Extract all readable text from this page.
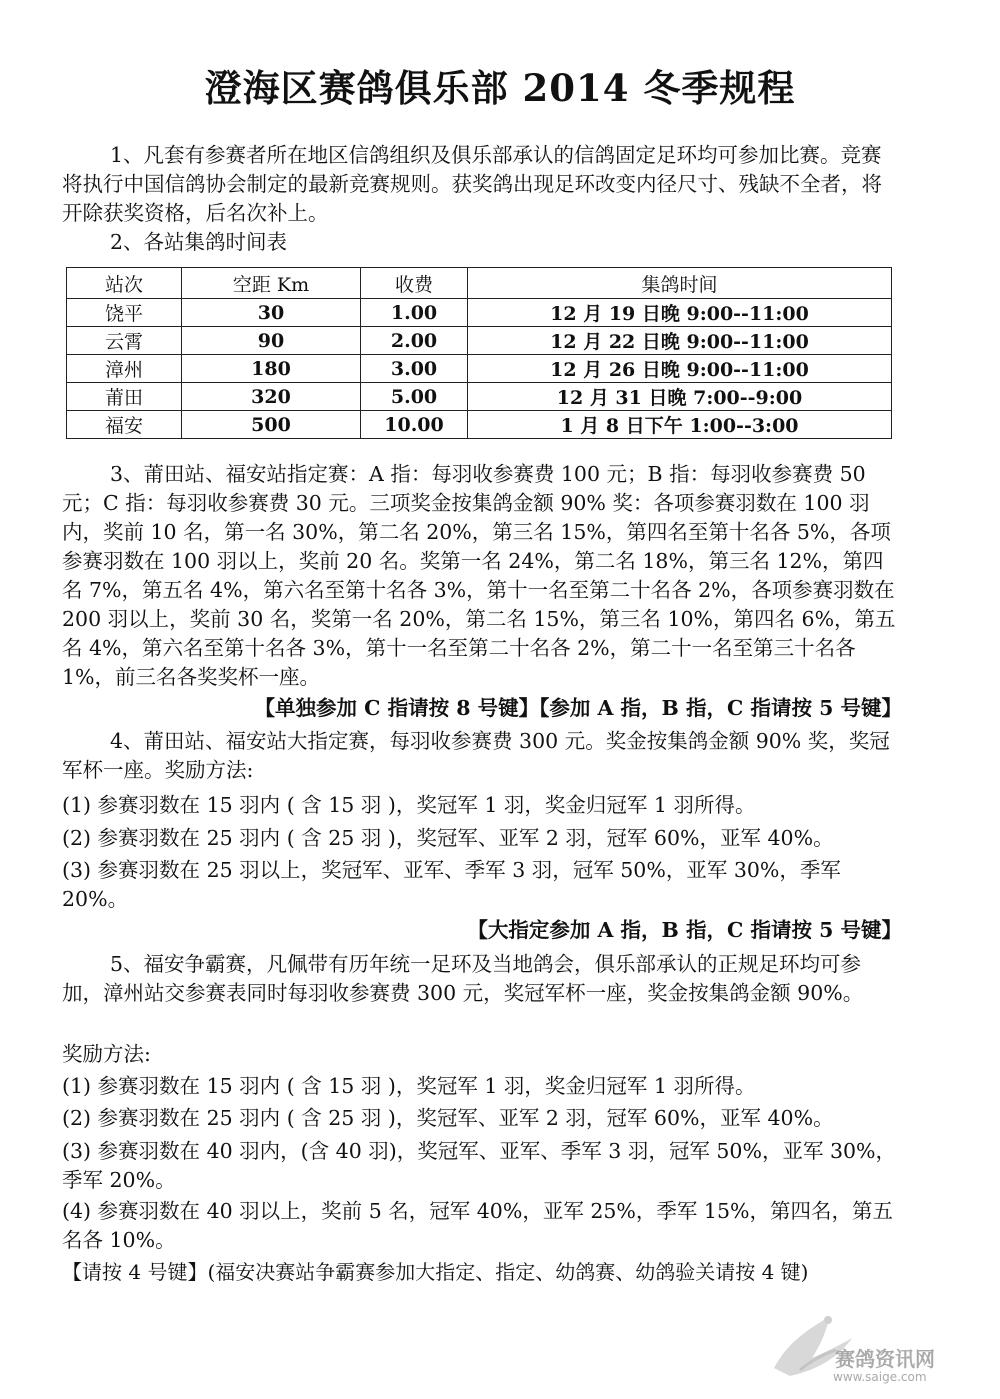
澄海区赛鸽俱乐部 2014 冬季规程
1、凡套有参赛者所在地区信鸽组织及俱乐部承认的信鸽固定足环均可参加比赛。竞赛将执行中国信鸽协会制定的最新竞赛规则。获奖鸽出现足环改变内径尺寸、残缺不全者，将开除获奖资格，后名次补上。
2、各站集鸽时间表
站次	空距 Km	收费	集鸽时间
饶平	30	1.00	12 月 19 日晚 9:00--11:00
云霄	90	2.00	12 月 22 日晚 9:00--11:00
漳州	180	3.00	12 月 26 日晚 9:00--11:00
莆田	320	5.00	12 月 31 日晚 7:00--9:00
福安	500	10.00	1 月 8 日下午 1:00--3:00
3、莆田站、福安站指定赛：A 指：每羽收参赛费 100 元；B 指：每羽收参赛费 50 元；C 指：每羽收参赛费 30 元。三项奖金按集鸽金额 90% 奖：各项参赛羽数在 100 羽内，奖前 10 名，第一名 30%，第二名 20%，第三名 15%，第四名至第十名各 5%，各项参赛羽数在 100 羽以上，奖前 20 名。奖第一名 24%，第二名 18%，第三名 12%，第四名 7%，第五名 4%，第六名至第十名各 3%，第十一名至第二十名各 2%，各项参赛羽数在 200 羽以上，奖前 30 名，奖第一名 20%，第二名 15%，第三名 10%，第四名 6%，第五名 4%，第六名至第十名各 3%，第十一名至第二十名各 2%，第二十一名至第三十名各 1%，前三名各奖奖杯一座。
【单独参加 C 指请按 8 号键】【参加 A 指，B 指，C 指请按 5 号键】
4、莆田站、福安站大指定赛，每羽收参赛费 300 元。奖金按集鸽金额 90% 奖，奖冠军杯一座。奖励方法:
(1) 参赛羽数在 15 羽内 ( 含 15 羽 )，奖冠军 1 羽，奖金归冠军 1 羽所得。
(2) 参赛羽数在 25 羽内 ( 含 25 羽 )，奖冠军、亚军 2 羽，冠军 60%，亚军 40%。
(3) 参赛羽数在 25 羽以上，奖冠军、亚军、季军 3 羽，冠军 50%，亚军 30%，季军 20%。
【大指定参加 A 指，B 指，C 指请按 5 号键】
5、福安争霸赛，凡佩带有历年统一足环及当地鸽会，俱乐部承认的正规足环均可参加，漳州站交参赛表同时每羽收参赛费 300 元，奖冠军杯一座，奖金按集鸽金额 90%。
奖励方法:
(1) 参赛羽数在 15 羽内 ( 含 15 羽 )，奖冠军 1 羽，奖金归冠军 1 羽所得。
(2) 参赛羽数在 25 羽内 ( 含 25 羽 )，奖冠军、亚军 2 羽，冠军 60%，亚军 40%。
(3) 参赛羽数在 40 羽内，(含 40 羽)，奖冠军、亚军、季军 3 羽，冠军 50%，亚军 30%，季军 20%。
(4) 参赛羽数在 40 羽以上，奖前 5 名，冠军 40%，亚军 25%，季军 15%，第四名，第五名各 10%。
【请按 4 号键】(福安决赛站争霸赛参加大指定、指定、幼鸽赛、幼鸽验关请按 4 键)
赛鸽资讯网
www.saige.com
